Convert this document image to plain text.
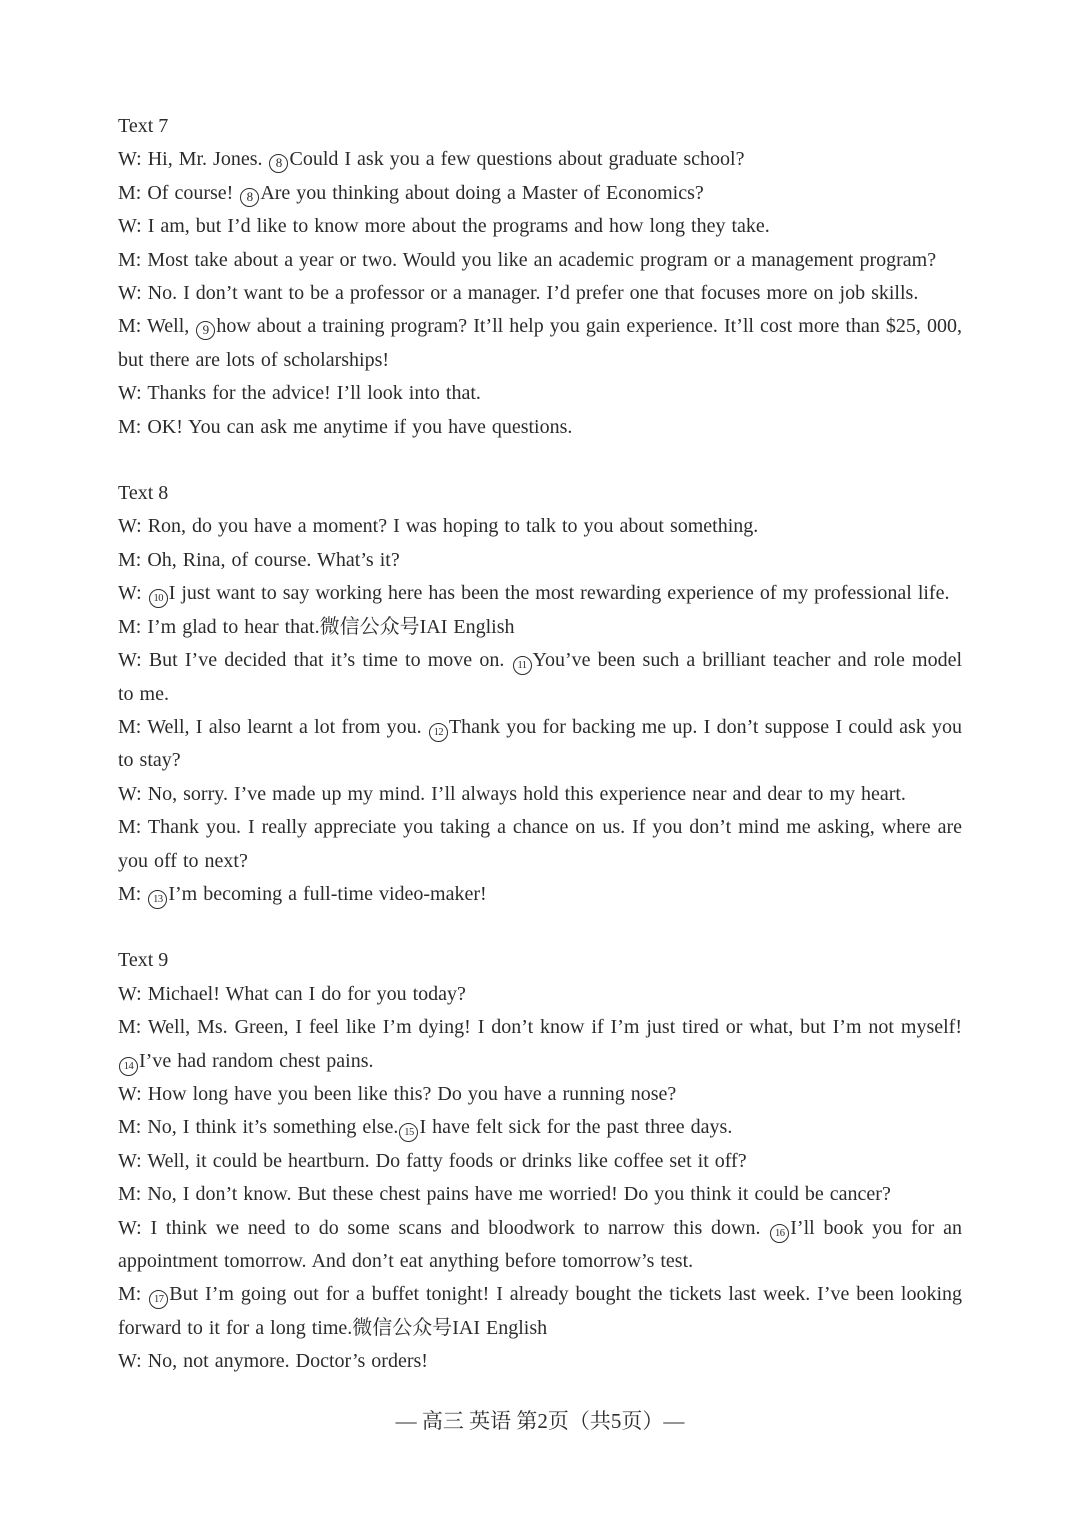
Text 7

W: Hi, Mr. Jones. 8 Could I ask you a few questions about graduate school?

M: Of course! 8 Are you thinking about doing a Master of Economics?

W: I am, but I’d like to know more about the programs and how long they take.

M: Most take about a year or two. Would you like an academic program or a management program?

W: No. I don’t want to be a professor or a manager. I’d prefer one that focuses more on job skills.

M: Well, 9 how about a training program? It’ll help you gain experience. It’ll cost more than $25, 000, but there are lots of scholarships!

W: Thanks for the advice! I’ll look into that.

M: OK! You can ask me anytime if you have questions.

Text 8

W: Ron, do you have a moment? I was hoping to talk to you about something.

M: Oh, Rina, of course. What’s it?

W: 10 I just want to say working here has been the most rewarding experience of my professional life.

M: I’m glad to hear that.微信公众号IAI English

W: But I’ve decided that it’s time to move on. 11 You’ve been such a brilliant teacher and role model to me.

M: Well, I also learnt a lot from you. 12 Thank you for backing me up. I don’t suppose I could ask you to stay?

W: No, sorry. I’ve made up my mind. I’ll always hold this experience near and dear to my heart.

M: Thank you. I really appreciate you taking a chance on us. If you don’t mind me asking, where are you off to next?

M: 13 I’m becoming a full-time video-maker!

Text 9

W: Michael! What can I do for you today?

M: Well, Ms. Green, I feel like I’m dying! I don’t know if I’m just tired or what, but I’m not myself! 14 I’ve had random chest pains.

W: How long have you been like this? Do you have a running nose?

M: No, I think it’s something else. 15 I have felt sick for the past three days.

W: Well, it could be heartburn. Do fatty foods or drinks like coffee set it off?

M: No, I don’t know. But these chest pains have me worried! Do you think it could be cancer?

W: I think we need to do some scans and bloodwork to narrow this down. 16 I’ll book you for an appointment tomorrow. And don’t eat anything before tomorrow’s test.

M: 17 But I’m going out for a buffet tonight! I already bought the tickets last week. I’ve been looking forward to it for a long time.微信公众号IAI English

W: No, not anymore. Doctor’s orders!

— 高三 英语 第2页（共5页）—
